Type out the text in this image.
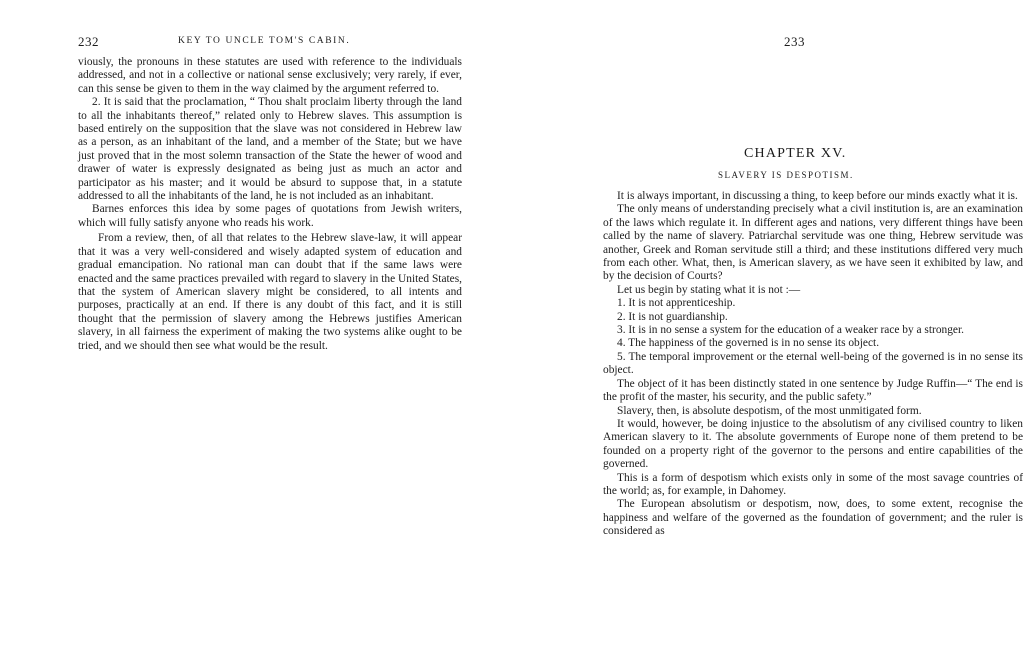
232	KEY TO UNCLE TOM'S CABIN.

viously, the pronouns in these statutes are used with reference to the individuals addressed, and not in a collective or national sense exclusively; very rarely, if ever, can this sense be given to them in the way claimed by the argument referred to.

2. It is said that the proclamation, “ Thou shalt proclaim liberty through the land to all the inhabitants thereof,” related only to Hebrew slaves. This assumption is based entirely on the supposition that the slave was not considered in Hebrew law as a person, as an inhabitant of the land, and a member of the State; but we have just proved that in the most solemn transaction of the State the hewer of wood and drawer of water is expressly designated as being just as much an actor and participator as his master; and it would be absurd to suppose that, in a statute addressed to all the inhabitants of the land, he is not included as an inhabitant.

Barnes enforces this idea by some pages of quotations from Jewish writers, which will fully satisfy anyone who reads his work.

From a review, then, of all that relates to the Hebrew slave-law, it will appear that it was a very well-considered and wisely adapted system of education and gradual emancipation. No rational man can doubt that if the same laws were enacted and the same practices prevailed with regard to slavery in the United States, that the system of American slavery might be considered, to all intents and purposes, practically at an end. If there is any doubt of this fact, and it is still thought that the permission of slavery among the Hebrews justifies American slavery, in all fairness the experiment of making the two systems alike ought to be tried, and we should then see what would be the result.

233
CHAPTER XV.
SLAVERY IS DESPOTISM.

It is always important, in discussing a thing, to keep before our minds exactly what it is.

The only means of understanding precisely what a civil institution is, are an examination of the laws which regulate it. In different ages and nations, very different things have been called by the name of slavery. Patriarchal servitude was one thing, Hebrew servitude was another, Greek and Roman servitude still a third; and these institutions differed very much from each other. What, then, is American slavery, as we have seen it exhibited by law, and by the decision of Courts?

Let us begin by stating what it is not :—

1. It is not apprenticeship.

2. It is not guardianship.

3. It is in no sense a system for the education of a weaker race by a stronger.

4. The happiness of the governed is in no sense its object.

5. The temporal improvement or the eternal well-being of the governed is in no sense its object.

The object of it has been distinctly stated in one sentence by Judge Ruffin—“ The end is the profit of the master, his security, and the public safety.”

Slavery, then, is absolute despotism, of the most unmitigated form.

It would, however, be doing injustice to the absolutism of any civilised country to liken American slavery to it. The absolute governments of Europe none of them pretend to be founded on a property right of the governor to the persons and entire capabilities of the governed.

This is a form of despotism which exists only in some of the most savage countries of the world; as, for example, in Dahomey.

The European absolutism or despotism, now, does, to some extent, recognise the happiness and welfare of the governed as the foundation of government; and the ruler is considered as
